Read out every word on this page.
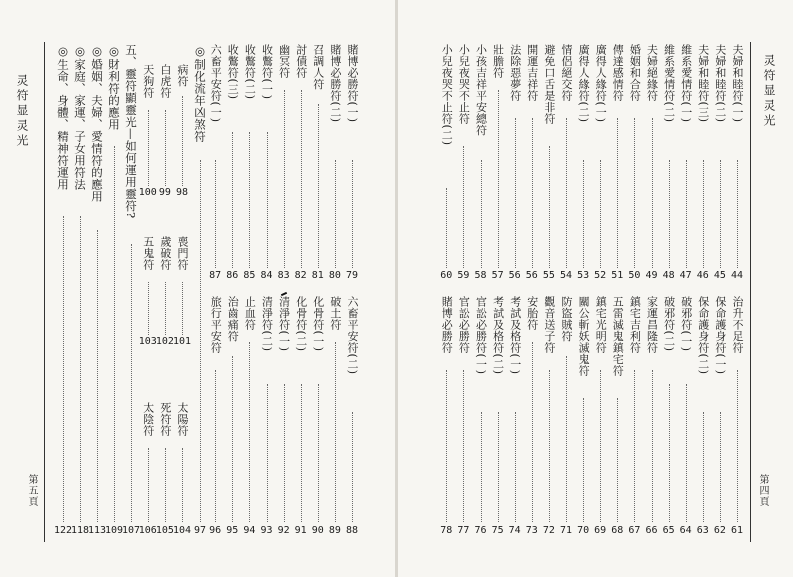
灵符显灵光
第五頁
灵符显灵光
第四頁
夫婦和睦符(一)
44
夫婦和睦符(二)
45
夫婦和睦符(三)
46
維系愛情符(一)
47
維系愛情符(二)
48
夫婦絕緣符
49
婚姻和合符
50
傳達感情符
51
廣得人緣符(一)
52
廣得人緣符(二)
53
情侶絕交符
54
避免口舌是非符
55
開運吉祥符
56
法除惡夢符
56
壯膽符
57
小孩吉祥平安總符
58
小兒夜哭不止符
59
小兒夜哭不止符(二)
60
治升不足符
61
保命護身符(一)
62
保命護身符(二)
63
破邪符(一)
64
破邪符(二)
65
家運昌隆符
66
鎮宅吉利符
67
五雷滅鬼鎮宅符
68
鎮宅光明符
69
關公斬妖滅鬼符
70
防盜賊符
71
觀音送子符
72
安胎符
73
考試及格符(一)
74
考試及格符(二)
75
官訟必勝符(一)
76
官訟必勝符
77
賭博必勝符
78
賭博必勝符(一)
79
賭博必勝符(二)
80
召調人符
81
討債符
82
幽冥符
83
收鷩符(一)
84
收鷩符(二)
85
收鷩符(三)
86
六畜平安符(一)
87
喪門符
101
歲破符
102
五鬼符
103
病符
98
白虎符
99
天狗符
100
六畜平安符(二)
88
破土符
89
化骨符(一)
90
化骨符(二)
91
清淨符(一)
92
清淨符(二)
93
止血符
94
治齒痛符
95
旅行平安符
96
太陽符
104
死符符
105
太陰符
106
◎制化流年凶煞符
97
◎財利符的應用
109
◎婚姻、夫婦、愛情符的應用
113
◎家庭、家運、子女用符法
118
◎生命、身體、精神符運用
122
五、靈符顯靈光—如何運用靈符?
107
